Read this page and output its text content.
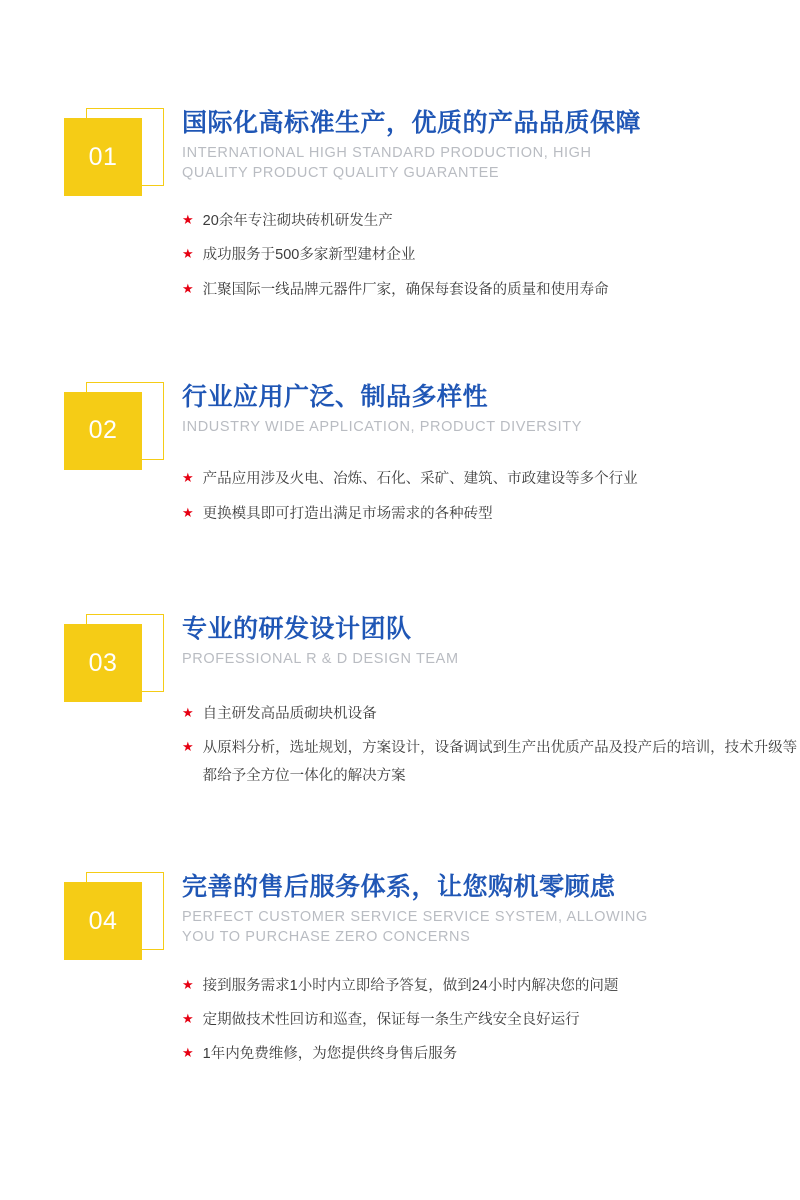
01
国际化高标准生产，优质的产品品质保障

INTERNATIONAL HIGH STANDARD PRODUCTION, HIGH QUALITY PRODUCT QUALITY GUARANTEE

★ 20余年专注砌块砖机研发生产
★ 成功服务于500多家新型建材企业
★ 汇聚国际一线品牌元器件厂家，确保每套设备的质量和使用寿命
02
行业应用广泛、制品多样性

INDUSTRY WIDE APPLICATION, PRODUCT DIVERSITY

★ 产品应用涉及火电、冶炼、石化、采矿、建筑、市政建设等多个行业
★ 更换模具即可打造出满足市场需求的各种砖型
03
专业的研发设计团队

PROFESSIONAL R & D DESIGN TEAM

★ 自主研发高品质砌块机设备
★ 从原料分析，选址规划，方案设计，设备调试到生产出优质产品及投产后的培训，技术升级等都给予全方位一体化的解决方案
04
完善的售后服务体系，让您购机零顾虑

PERFECT CUSTOMER SERVICE SERVICE SYSTEM, ALLOWING YOU TO PURCHASE ZERO CONCERNS

★ 接到服务需求1小时内立即给予答复，做到24小时内解决您的问题
★ 定期做技术性回访和巡查，保证每一条生产线安全良好运行
★ 1年内免费维修，为您提供终身售后服务
